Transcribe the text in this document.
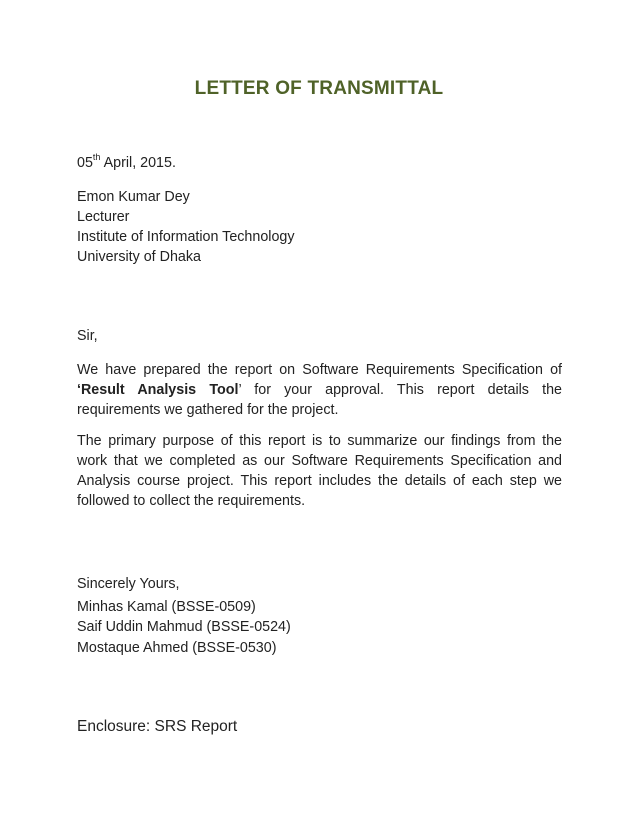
LETTER OF TRANSMITTAL
05th April, 2015.
Emon Kumar Dey
Lecturer
Institute of Information Technology
University of Dhaka
Sir,
We have prepared the report on Software Requirements Specification of ‘Result Analysis Tool’ for your approval. This report details the requirements we gathered for the project.
The primary purpose of this report is to summarize our findings from the work that we completed as our Software Requirements Specification and Analysis course project. This report includes the details of each step we followed to collect the requirements.
Sincerely Yours,
Minhas Kamal (BSSE-0509)
Saif Uddin Mahmud (BSSE-0524)
Mostaque Ahmed (BSSE-0530)
Enclosure: SRS Report
